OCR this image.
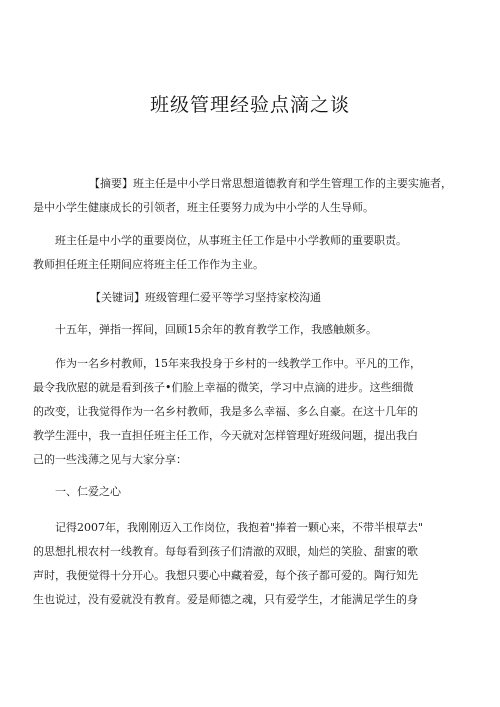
班级管理经验点滴之谈
【摘要】班主任是中小学日常思想道德教育和学生管理工作的主要实施者，
是中小学生健康成长的引领者，班主任要努力成为中小学的人生导师。
班主任是中小学的重要岗位，从事班主任工作是中小学教师的重要职责。
教师担任班主任期间应将班主任工作作为主业。
【关键词】班级管理仁爱平等学习坚持家校沟通
十五年，弹指一挥间，回顾15余年的教育教学工作，我感触颇多。
作为一名乡村教师，15年来我投身于乡村的一线教学工作中。平凡的工作，
最令我欣慰的就是看到孩子•们脸上幸福的微笑，学习中点滴的进步。这些细微
的改变，让我觉得作为一名乡村教师，我是多么幸福、多么自豪。在这十几年的
教学生涯中，我一直担任班主任工作，今天就对怎样管理好班级问题，提出我白
己的一些浅薄之见与大家分享：
一、仁爱之心
记得2007年，我刚刚迈入工作岗位，我抱着"捧着一颗心来，不带半根草去"
的思想扎根农村一线教育。每每看到孩子们清澈的双眼，灿烂的笑脸、甜蜜的歌
声时，我便觉得十分开心。我想只要心中藏着爱，每个孩子都可爱的。陶行知先
生也说过，没有爱就没有教育。爱是师德之魂，只有爱学生，才能满足学生的身
